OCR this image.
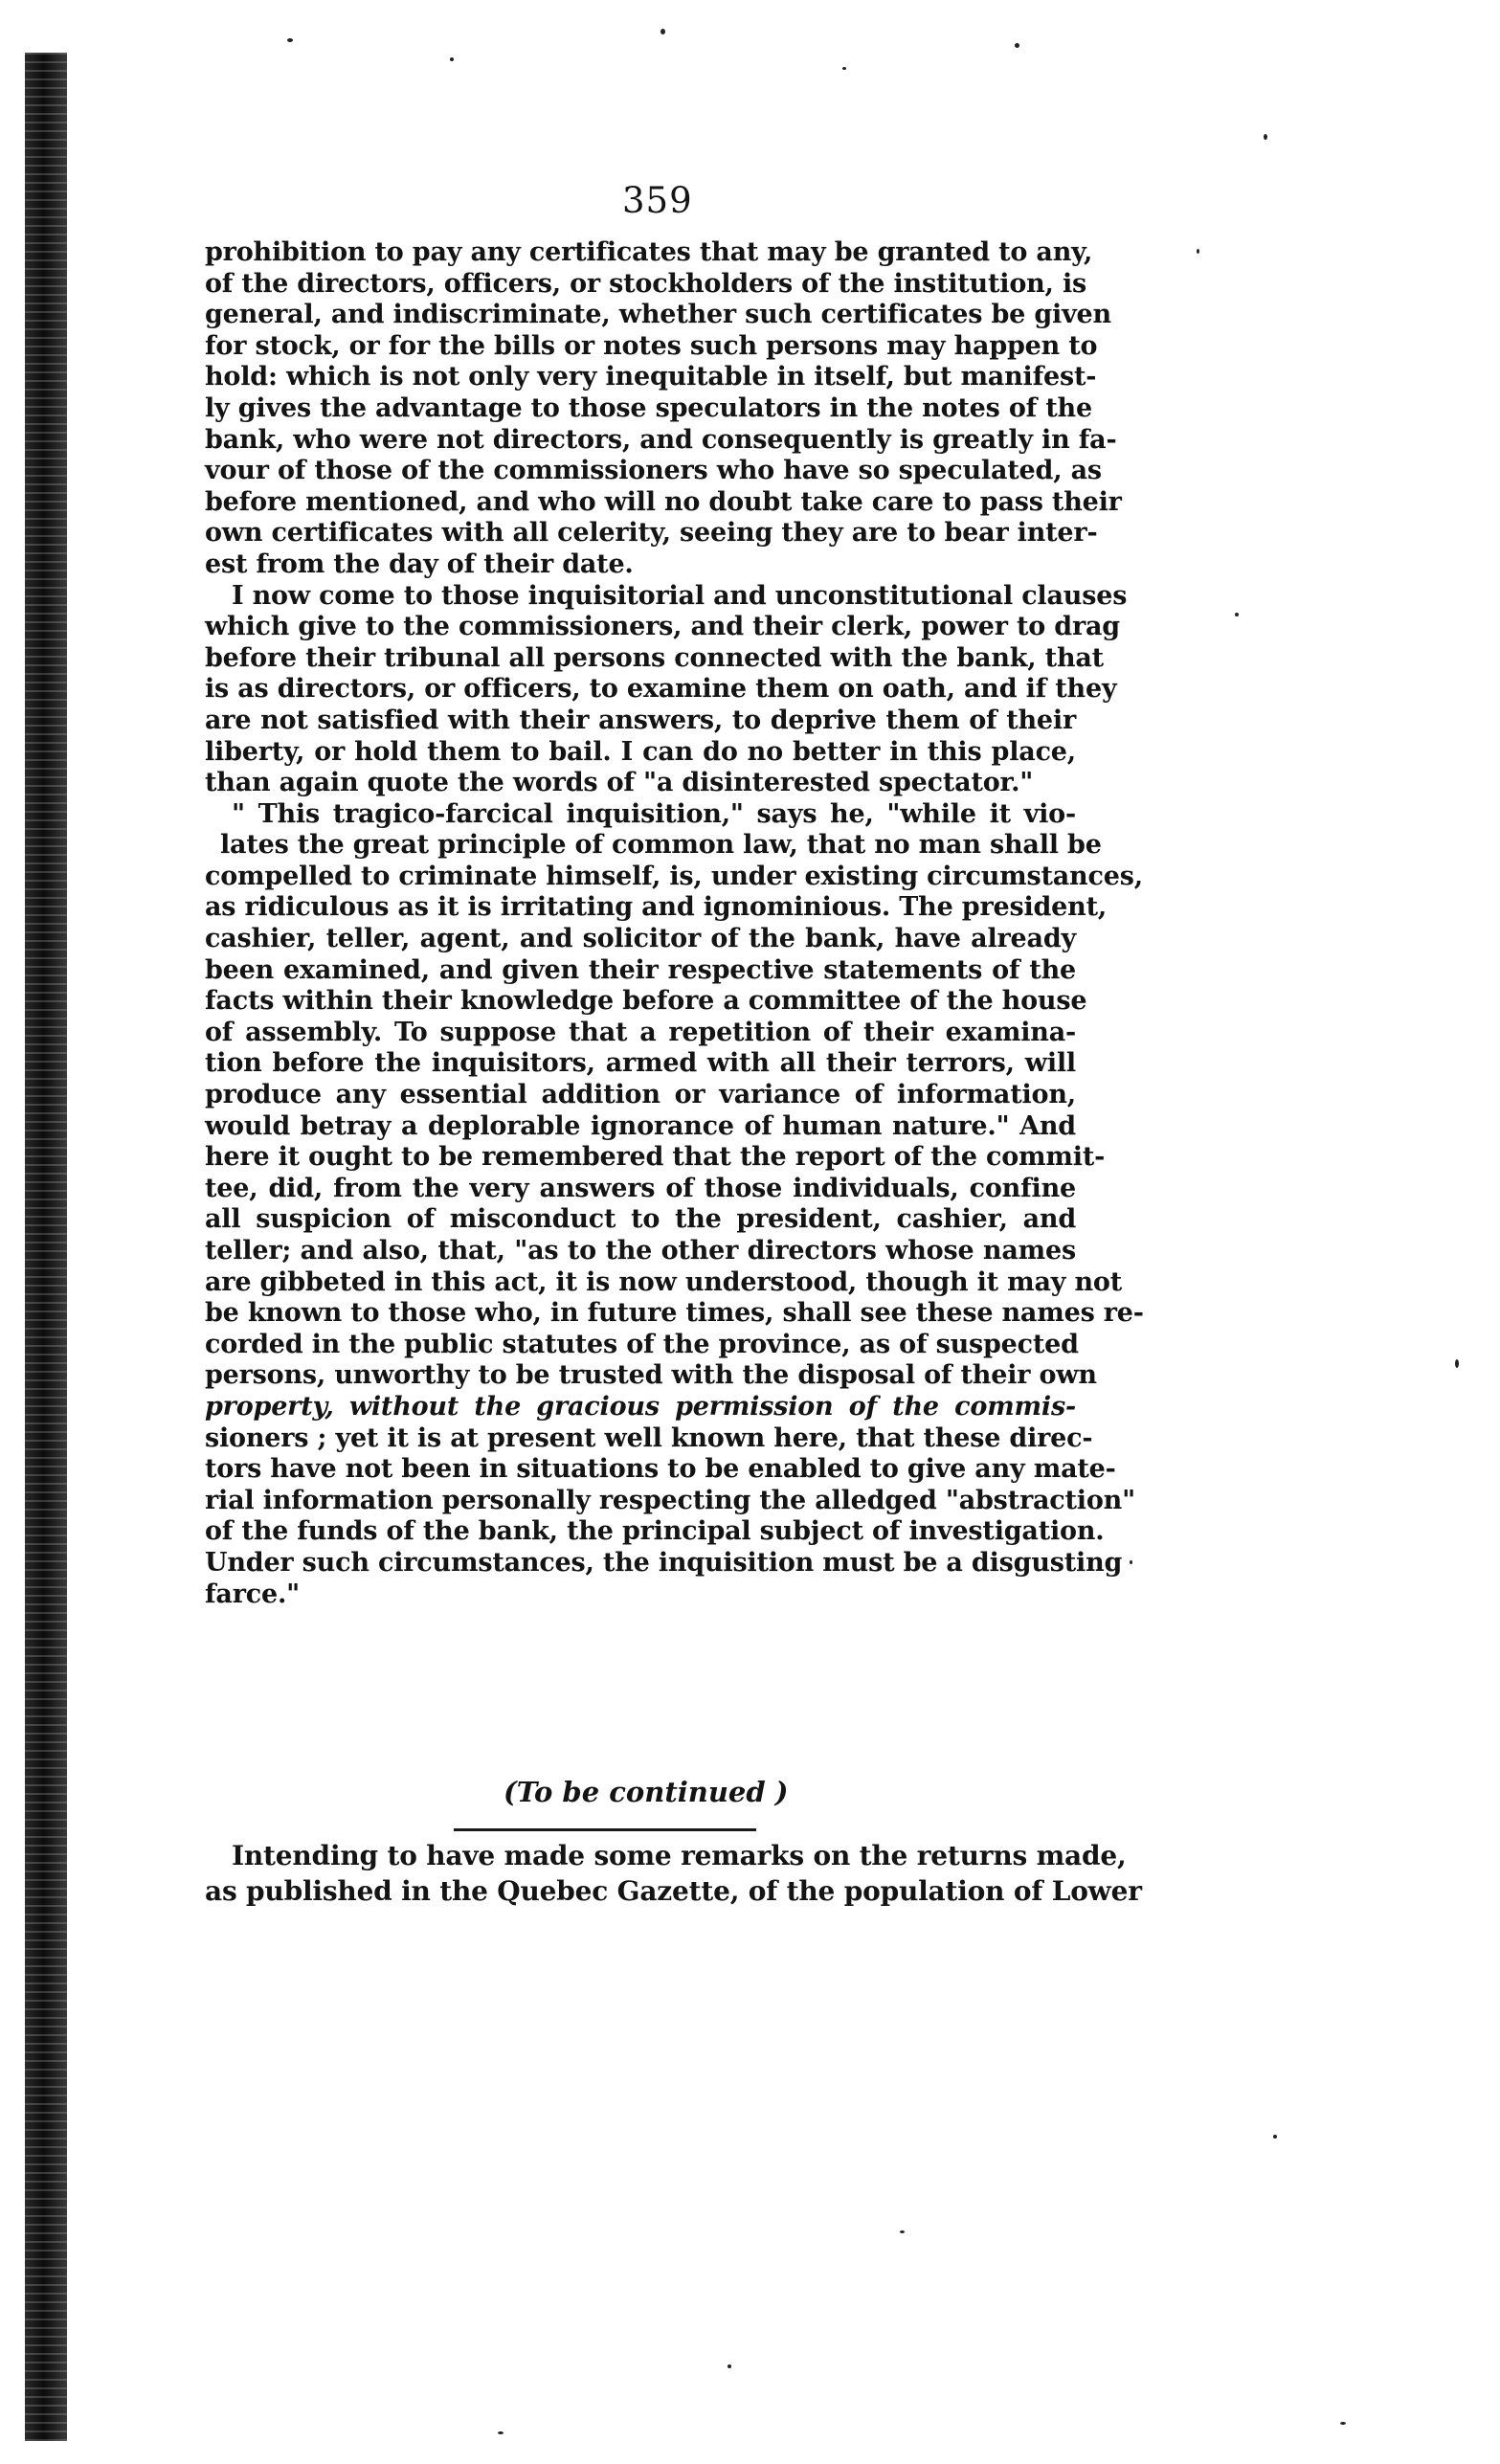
359
prohibition to pay any certificates that may be granted to any,
of the directors, officers, or stockholders of the institution, is
general, and indiscriminate, whether such certificates be given
for stock, or for the bills or notes such persons may happen to
hold: which is not only very inequitable in itself, but manifest-
ly gives the advantage to those speculators in the notes of the
bank, who were not directors, and consequently is greatly in fa-
vour of those of the commissioners who have so speculated, as
before mentioned, and who will no doubt take care to pass their
own certificates with all celerity, seeing they are to bear inter-
est from the day of their date.
I now come to those inquisitorial and unconstitutional clauses
which give to the commissioners, and their clerk, power to drag
before their tribunal all persons connected with the bank, that
is as directors, or officers, to examine them on oath, and if they
are not satisfied with their answers, to deprive them of their
liberty, or hold them to bail. I can do no better in this place,
than again quote the words of "a disinterested spectator."
" This tragico-farcical inquisition," says he, "while it vio-
lates the great principle of common law, that no man shall be
compelled to criminate himself, is, under existing circumstances,
as ridiculous as it is irritating and ignominious. The president,
cashier, teller, agent, and solicitor of the bank, have already
been examined, and given their respective statements of the
facts within their knowledge before a committee of the house
of assembly. To suppose that a repetition of their examina-
tion before the inquisitors, armed with all their terrors, will
produce any essential addition or variance of information,
would betray a deplorable ignorance of human nature." And
here it ought to be remembered that the report of the commit-
tee, did, from the very answers of those individuals, confine
all suspicion of misconduct to the president, cashier, and
teller; and also, that, "as to the other directors whose names
are gibbeted in this act, it is now understood, though it may not
be known to those who, in future times, shall see these names re-
corded in the public statutes of the province, as of suspected
persons, unworthy to be trusted with the disposal of their own
property, without the gracious permission of the commis-
sioners ; yet it is at present well known here, that these direc-
tors have not been in situations to be enabled to give any mate-
rial information personally respecting the alledged "abstraction"
of the funds of the bank, the principal subject of investigation.
Under such circumstances, the inquisition must be a disgusting
farce."
(To be continued )
Intending to have made some remarks on the returns made,
as published in the Quebec Gazette, of the population of Lower
